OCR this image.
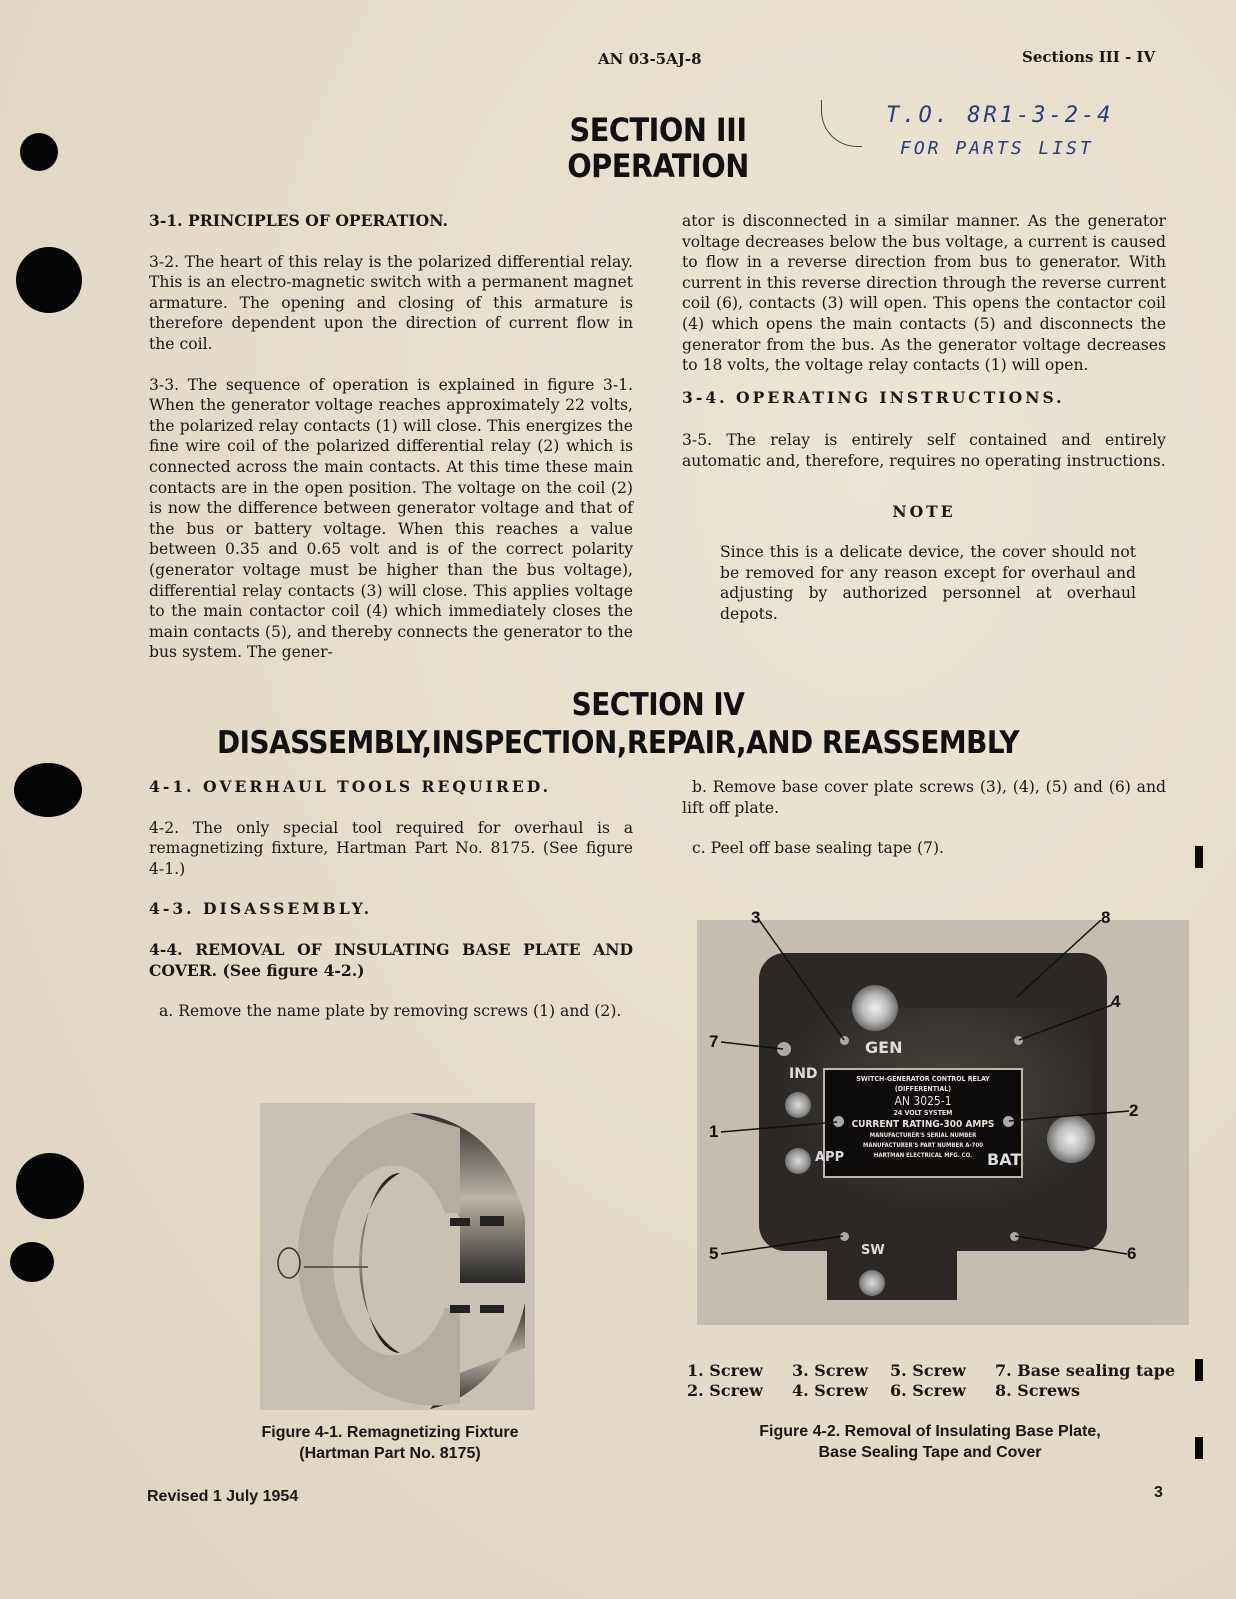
AN 03-5AJ-8	Sections III - IV
T.O. 8R1-3-2-4
FOR PARTS LIST
SECTION III
OPERATION

3-1. PRINCIPLES OF OPERATION.

3-2. The heart of this relay is the polarized differential relay. This is an electro-magnetic switch with a permanent magnet armature. The opening and closing of this armature is therefore dependent upon the direction of current flow in the coil.

3-3. The sequence of operation is explained in figure 3-1. When the generator voltage reaches approximately 22 volts, the polarized relay contacts (1) will close. This energizes the fine wire coil of the polarized differential relay (2) which is connected across the main contacts. At this time these main contacts are in the open position. The voltage on the coil (2) is now the difference between generator voltage and that of the bus or battery voltage. When this reaches a value between 0.35 and 0.65 volt and is of the correct polarity (generator voltage must be higher than the bus voltage), differential relay contacts (3) will close. This applies voltage to the main contactor coil (4) which immediately closes the main contacts (5), and thereby connects the generator to the bus system. The gener-

ator is disconnected in a similar manner. As the generator voltage decreases below the bus voltage, a current is caused to flow in a reverse direction from bus to generator. With current in this reverse direction through the reverse current coil (6), contacts (3) will open. This opens the contactor coil (4) which opens the main contacts (5) and disconnects the generator from the bus. As the generator voltage decreases to 18 volts, the voltage relay contacts (1) will open.

3-4. OPERATING INSTRUCTIONS.

3-5. The relay is entirely self contained and entirely automatic and, therefore, requires no operating instructions.

NOTE

Since this is a delicate device, the cover should not be removed for any reason except for overhaul and adjusting by authorized personnel at overhaul depots.

SECTION IV
DISASSEMBLY,INSPECTION,REPAIR,AND REASSEMBLY

4-1. OVERHAUL TOOLS REQUIRED.

4-2. The only special tool required for overhaul is a remagnetizing fixture, Hartman Part No. 8175. (See figure 4-1.)

4-3. DISASSEMBLY.

4-4. REMOVAL OF INSULATING BASE PLATE AND COVER. (See figure 4-2.)

a. Remove the name plate by removing screws (1) and (2).

b. Remove base cover plate screws (3), (4), (5) and (6) and lift off plate.

c. Peel off base sealing tape (7).

Figure 4-1. Remagnetizing Fixture
(Hartman Part No. 8175)
SWITCH-GENERATOR CONTROL RELAY
(DIFFERENTIAL)
AN 3025-1
24 VOLT SYSTEM
CURRENT RATING-300 AMPS
MANUFACTURER'S SERIAL NUMBER
MANUFACTURER'S PART NUMBER A-700
HARTMAN ELECTRICAL MFG. CO.
GEN
IND
APP	BAT
SW
3	8
4
7
1
2
5	6
1. Screw 3. Screw 5. Screw 7. Base sealing tape
2. Screw 4. Screw 6. Screw 8. Screws
Figure 4-2. Removal of Insulating Base Plate,
Base Sealing Tape and Cover
Revised 1 July 1954	3
